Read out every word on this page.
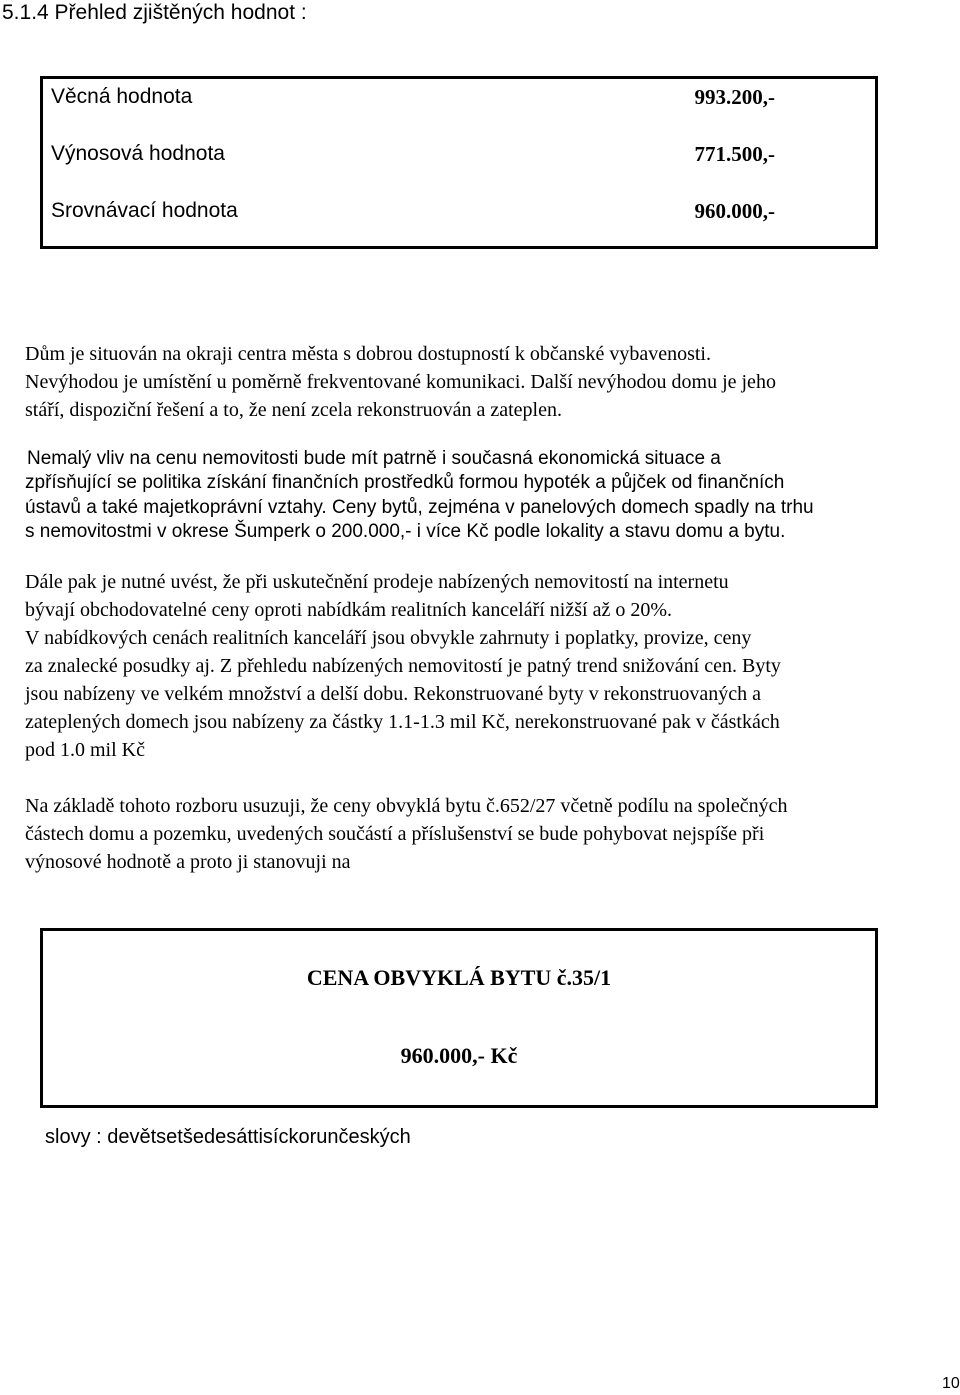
5.1.4 Přehled zjištěných hodnot :
Věcná hodnota	993.200,-
Výnosová hodnota	771.500,-
Srovnávací hodnota	960.000,-
Dům je situován na okraji centra města s dobrou dostupností k občanské vybavenosti.
Nevýhodou je umístění u poměrně frekventované komunikaci. Další nevýhodou domu je jeho
stáří, dispoziční řešení a to, že není zcela rekonstruován a zateplen.
Nemalý vliv na cenu nemovitosti bude mít patrně i současná ekonomická situace a
zpřísňující se politika získání finančních prostředků formou hypoték a půjček od finančních
ústavů a také majetkoprávní vztahy. Ceny bytů, zejména v panelových domech spadly na trhu
s nemovitostmi v okrese Šumperk o 200.000,- i více Kč podle lokality a stavu domu a bytu.
Dále pak je nutné uvést, že při uskutečnění prodeje nabízených nemovitostí na internetu
bývají obchodovatelné ceny oproti nabídkám realitních kanceláří nižší až o 20%.
V nabídkových cenách realitních kanceláří jsou obvykle zahrnuty i poplatky, provize, ceny
za znalecké posudky aj. Z přehledu nabízených nemovitostí je patný trend snižování cen. Byty
jsou nabízeny ve velkém množství a delší dobu. Rekonstruované byty v rekonstruovaných a
zateplených domech jsou nabízeny za částky 1.1-1.3 mil Kč, nerekonstruované pak v částkách
pod 1.0 mil Kč
Na základě tohoto rozboru usuzuji, že ceny obvyklá bytu č.652/27 včetně podílu na společných
částech domu a pozemku, uvedených součástí a příslušenství se bude pohybovat nejspíše při
výnosové hodnotě a proto ji stanovuji na
CENA OBVYKLÁ BYTU č.35/1
960.000,- Kč
slovy : devětsetšedesáttisíckorunčeských
10
